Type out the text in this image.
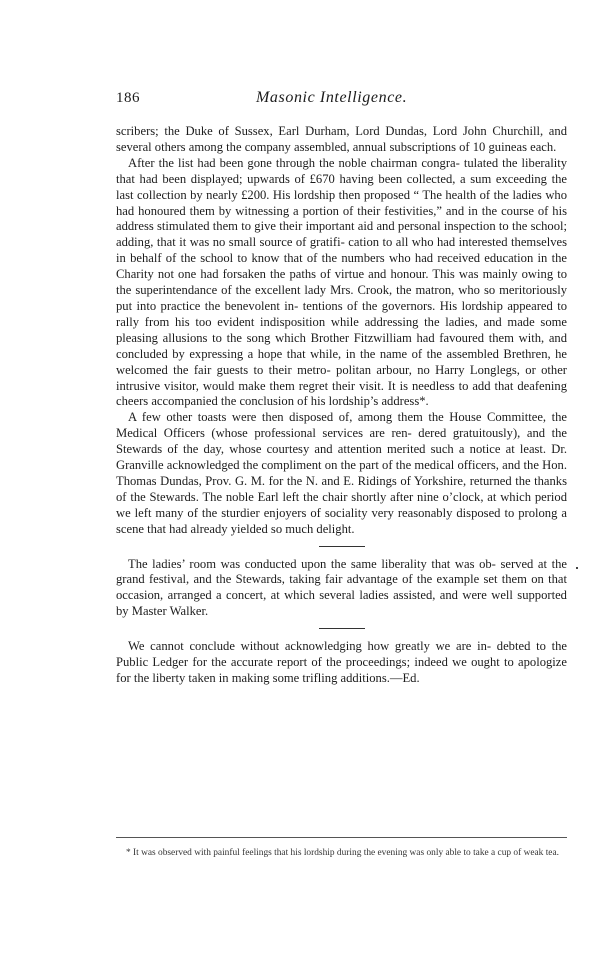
186	Masonic Intelligence.

scribers; the Duke of Sussex, Earl Durham, Lord Dundas, Lord John Churchill, and several others among the company assembled, annual subscriptions of 10 guineas each.

After the list had been gone through the noble chairman congra- tulated the liberality that had been displayed; upwards of £670 having been collected, a sum exceeding the last collection by nearly £200. His lordship then proposed “ The health of the ladies who had honoured them by witnessing a portion of their festivities,” and in the course of his address stimulated them to give their important aid and personal inspection to the school; adding, that it was no small source of gratifi- cation to all who had interested themselves in behalf of the school to know that of the numbers who had received education in the Charity not one had forsaken the paths of virtue and honour. This was mainly owing to the superintendance of the excellent lady Mrs. Crook, the matron, who so meritoriously put into practice the benevolent in- tentions of the governors. His lordship appeared to rally from his too evident indisposition while addressing the ladies, and made some pleasing allusions to the song which Brother Fitzwilliam had favoured them with, and concluded by expressing a hope that while, in the name of the assembled Brethren, he welcomed the fair guests to their metro- politan arbour, no Harry Longlegs, or other intrusive visitor, would make them regret their visit. It is needless to add that deafening cheers accompanied the conclusion of his lordship’s address*.

A few other toasts were then disposed of, among them the House Committee, the Medical Officers (whose professional services are ren- dered gratuitously), and the Stewards of the day, whose courtesy and attention merited such a notice at least. Dr. Granville acknowledged the compliment on the part of the medical officers, and the Hon. Thomas Dundas, Prov. G. M. for the N. and E. Ridings of Yorkshire, returned the thanks of the Stewards. The noble Earl left the chair shortly after nine o’clock, at which period we left many of the sturdier enjoyers of sociality very reasonably disposed to prolong a scene that had already yielded so much delight.

The ladies’ room was conducted upon the same liberality that was ob- served at the grand festival, and the Stewards, taking fair advantage of the example set them on that occasion, arranged a concert, at which several ladies assisted, and were well supported by Master Walker.

We cannot conclude without acknowledging how greatly we are in- debted to the Public Ledger for the accurate report of the proceedings; indeed we ought to apologize for the liberty taken in making some trifling additions.—Ed.

* It was observed with painful feelings that his lordship during the evening was only able to take a cup of weak tea.
